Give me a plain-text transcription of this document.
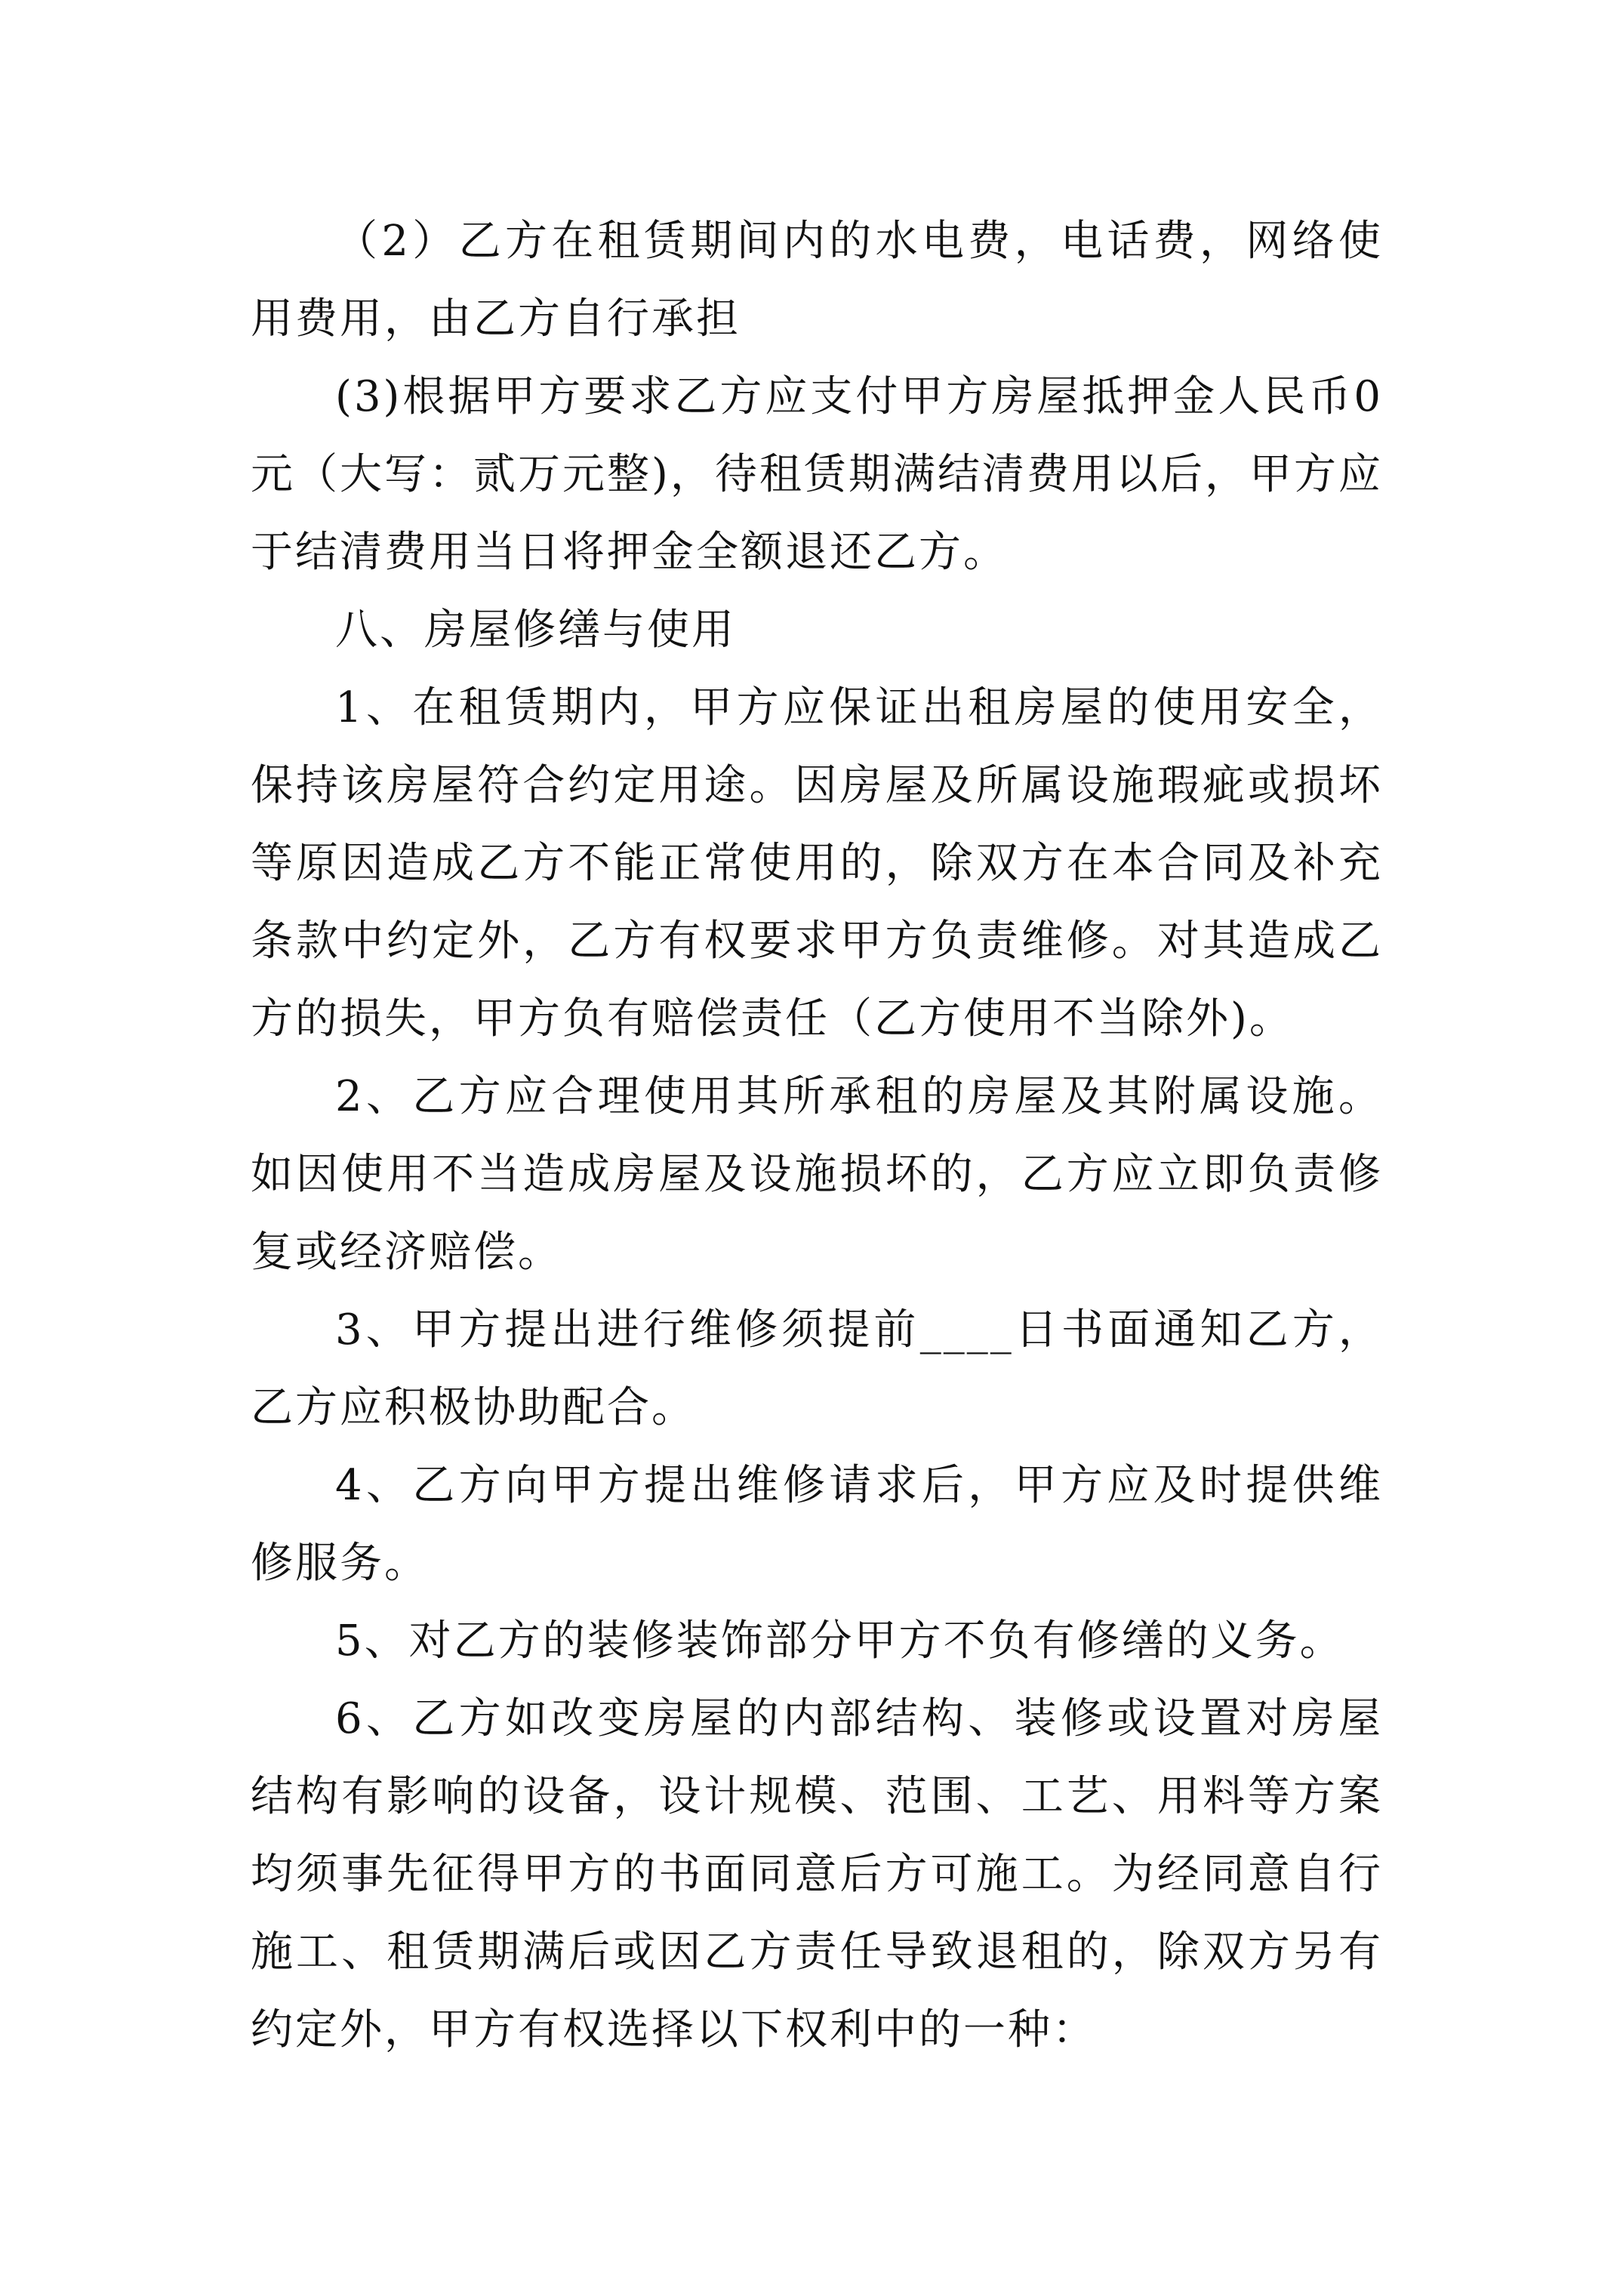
（2）乙方在租赁期间内的水电费，电话费，网络使用费用，由乙方自行承担

(3)根据甲方要求乙方应支付甲方房屋抵押金人民币0元（大写：贰万元整)，待租赁期满结清费用以后，甲方应于结清费用当日将押金全额退还乙方。

八、房屋修缮与使用

1、在租赁期内，甲方应保证出租房屋的使用安全，保持该房屋符合约定用途。因房屋及所属设施瑕疵或损坏等原因造成乙方不能正常使用的，除双方在本合同及补充条款中约定外，乙方有权要求甲方负责维修。对其造成乙方的损失，甲方负有赔偿责任（乙方使用不当除外)。

2、乙方应合理使用其所承租的房屋及其附属设施。如因使用不当造成房屋及设施损坏的，乙方应立即负责修复或经济赔偿。

3、甲方提出进行维修须提前____日书面通知乙方，乙方应积极协助配合。

4、乙方向甲方提出维修请求后，甲方应及时提供维修服务。

5、对乙方的装修装饰部分甲方不负有修缮的义务。

6、乙方如改变房屋的内部结构、装修或设置对房屋结构有影响的设备，设计规模、范围、工艺、用料等方案均须事先征得甲方的书面同意后方可施工。为经同意自行施工、租赁期满后或因乙方责任导致退租的，除双方另有约定外，甲方有权选择以下权利中的一种：
